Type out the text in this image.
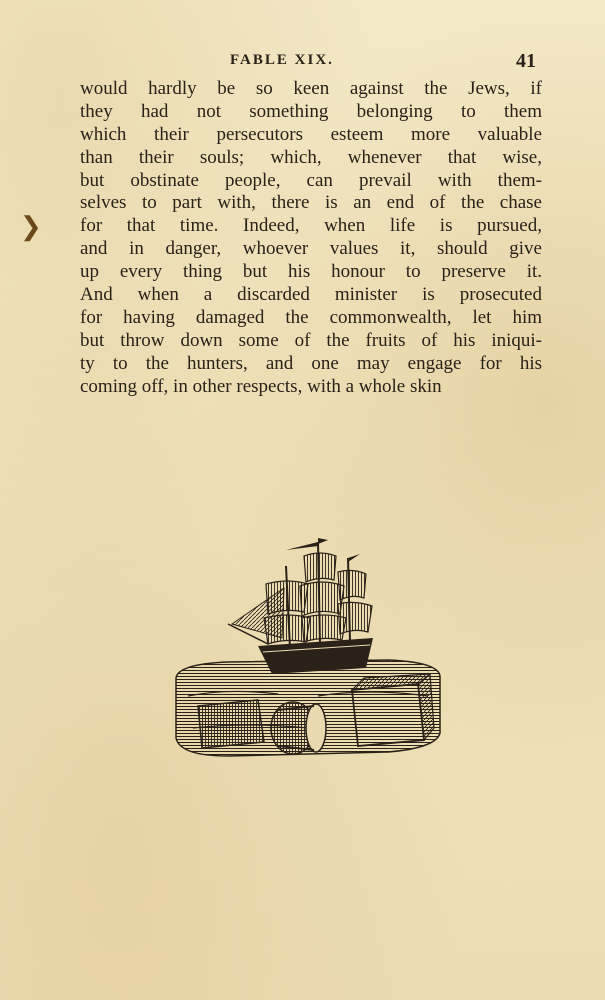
FABLE XIX.	41
❯
would hardly be so keen against the Jews, if
they had not something belonging to them
which their persecutors esteem more valuable
than their souls; which, whenever that wise,
but obstinate people, can prevail with them-
selves to part with, there is an end of the chase
for that time. Indeed, when life is pursued,
and in danger, whoever values it, should give
up every thing but his honour to preserve it.
And when a discarded minister is prosecuted
for having damaged the commonwealth, let him
but throw down some of the fruits of his iniqui-
ty to the hunters, and one may engage for his
coming off, in other respects, with a whole skin
